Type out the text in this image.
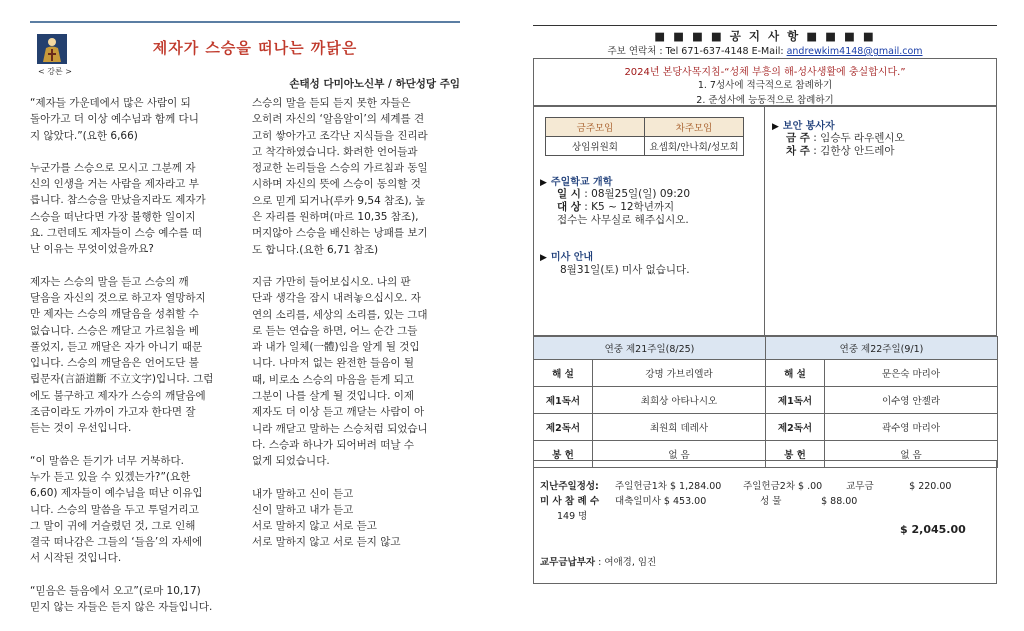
< 강론 >
제자가 스승을 떠나는 까닭은
손태성 다미아노신부 / 하단성당 주임

“제자들 가운데에서 많은 사람이 되
돌아가고 더 이상 예수님과 함께 다니
지 않았다.”(요한 6,66)

누군가를 스승으로 모시고 그분께 자
신의 인생을 거는 사람을 제자라고 부
릅니다. 참스승을 만났을지라도 제자가
스승을 떠난다면 가장 불행한 일이지
요. 그런데도 제자들이 스승 예수를 떠
난 이유는 무엇이었을까요?

제자는 스승의 말을 듣고 스승의 깨
달음을 자신의 것으로 하고자 열망하지
만 제자는 스승의 깨달음을 성취할 수
없습니다. 스승은 깨닫고 가르침을 베
풀었지, 듣고 깨달은 자가 아니기 때문
입니다. 스승의 깨달음은 언어도단 불
립문자(言語道斷 不立文字)입니다. 그럼
에도 불구하고 제자가 스승의 깨달음에
조금이라도 가까이 가고자 한다면 잘
듣는 것이 우선입니다.

“이 말씀은 듣기가 너무 거북하다.
누가 듣고 있을 수 있겠는가?”(요한
6,60) 제자들이 예수님을 떠난 이유입
니다. 스승의 말씀을 두고 투덜거리고
그 말이 귀에 거슬렸던 것, 그로 인해
결국 떠나감은 그들의 ‘들음’의 자세에
서 시작된 것입니다.

“믿음은 들음에서 오고”(로마 10,17)
믿지 않는 자들은 듣지 않은 자들입니다.

스승의 말을 듣되 듣지 못한 자들은
오히려 자신의 ‘알음알이’의 세계를 견
고히 쌓아가고 조각난 지식들을 진리라
고 착각하였습니다. 화려한 언어들과
정교한 논리들을 스승의 가르침과 동일
시하며 자신의 뜻에 스승이 동의할 것
으로 믿게 되거나(루카 9,54 참조), 높
은 자리를 원하며(마르 10,35 참조),
머지않아 스승을 배신하는 낭패를 보기
도 합니다.(요한 6,71 참조)

지금 가만히 들어보십시오. 나의 판
단과 생각을 잠시 내려놓으십시오. 자
연의 소리를, 세상의 소리를, 있는 그대
로 듣는 연습을 하면, 어느 순간 그들
과 내가 일체(一體)임을 알게 될 것입
니다. 나마저 없는 완전한 들음이 될
때, 비로소 스승의 마음을 듣게 되고
그분이 나를 살게 될 것입니다. 이제
제자도 더 이상 듣고 깨닫는 사람이 아
니라 깨닫고 말하는 스승처럼 되었습니
다. 스승과 하나가 되어버려 떠날 수
없게 되었습니다.

내가 말하고 신이 듣고
신이 말하고 내가 듣고
서로 말하지 않고 서로 듣고
서로 말하지 않고 서로 듣지 않고

■ ■ ■ ■ 공 지 사 항 ■ ■ ■ ■
주보 연락처 : Tel 671-637-4148 E-Mail: andrewkim4148@gmail.com
2024년 본당사목지침-“성체 부흥의 해-성사생활에 충실합시다.”
1. 7성사에 적극적으로 참례하기
2. 준성사에 능동적으로 참례하기
금주모임	차주모임
상임위원회	요셉회/안나회/성모회
▶ 주일학교 개학
일 시 : 08월25일(일) 09:20
대 상 : K5 ~ 12학년까지
접수는 사무실로 해주십시오.
▶ 미사 안내
8월31일(토) 미사 없습니다.
▶ 보안 봉사자
금 주 : 임승두 라우렌시오
차 주 : 김한상 안드레아
연중 제21주일(8/25)		연중 제22주일(9/1)	
해 설	강명 가브리엘라	해 설	문은숙 마리아
제1독서	최희상 아타나시오	제1독서	이수영 안젤라
제2독서	최원희 데레사	제2독서	곽수영 마리아
봉 헌	없 음	봉 헌	없 음
지난주일정성: 주일헌금1차 $ 1,284.00 주일헌금2차 $ .00	교무금	$ 220.00
미 사 참 례 수 대축일미사 $ 453.00	성 물	$ 88.00
149 명
$ 2,045.00
교무금납부자 : 여애경, 임진
